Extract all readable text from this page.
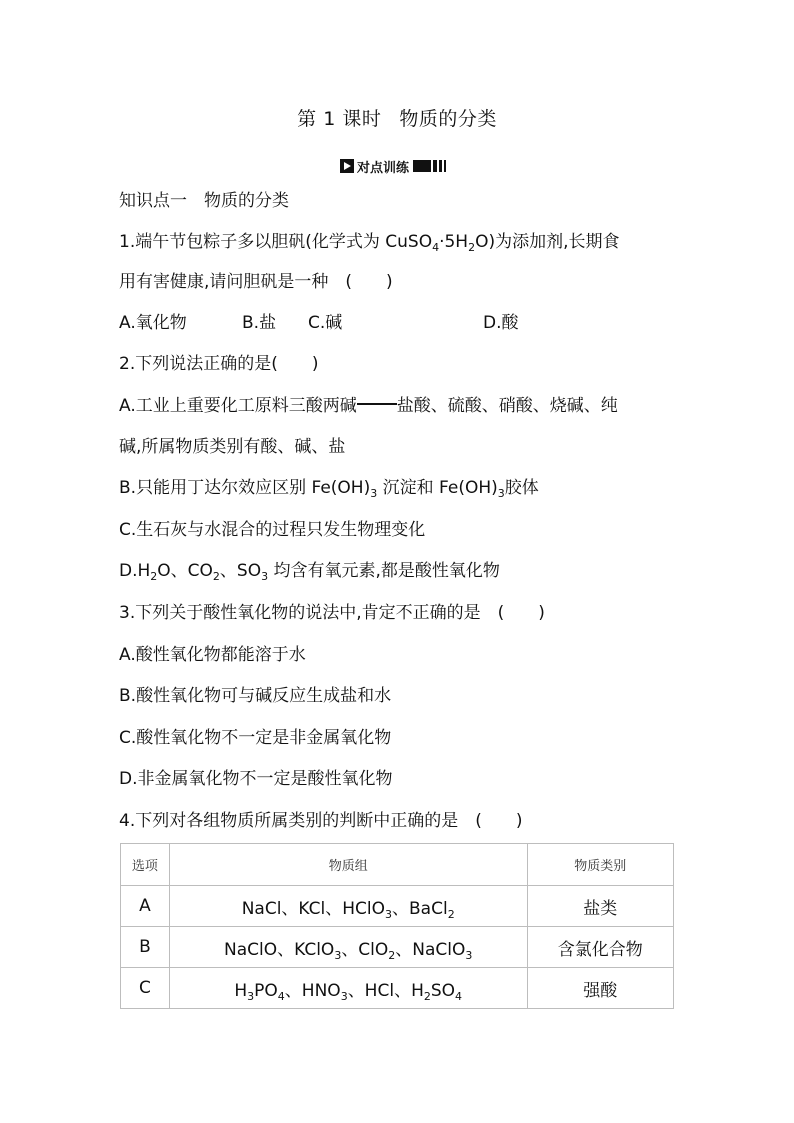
第 1 课时 物质的分类
对点训练
知识点一　物质的分类
1.端午节包粽子多以胆矾(化学式为 $CuSO_4\cdot 5H_2O$)为添加剂,长期食
用有害健康,请问胆矾是一种　(　　)
A.氧化物	B.盐 C.碱	D.酸
2.下列说法正确的是(　　)
A.工业上重要化工原料三酸两碱 盐酸、硫酸、硝酸、烧碱、纯
碱,所属物质类别有酸、碱、盐
B.只能用丁达尔效应区别 $Fe(OH)_3$ 沉淀和 $Fe(OH)_3$胶体
C.生石灰与水混合的过程只发生物理变化
$D.H_2O$、$CO_2$、$SO_3$ 均含有氧元素,都是酸性氧化物
3.下列关于酸性氧化物的说法中,肯定不正确的是　(　　)
A.酸性氧化物都能溶于水
B.酸性氧化物可与碱反应生成盐和水
C.酸性氧化物不一定是非金属氧化物
D.非金属氧化物不一定是酸性氧化物
4.下列对各组物质所属类别的判断中正确的是　(　　)
选项	物质组	物质类别
A	NaCl、KCl、HClO$_3$、BaCl$_2$	盐类
B	NaClO、KClO$_3$、ClO$_2$、NaClO$_3$	含氯化合物
C	$H_3PO_4$、$HNO_3$、HCl、$H_2SO_4$	强酸
